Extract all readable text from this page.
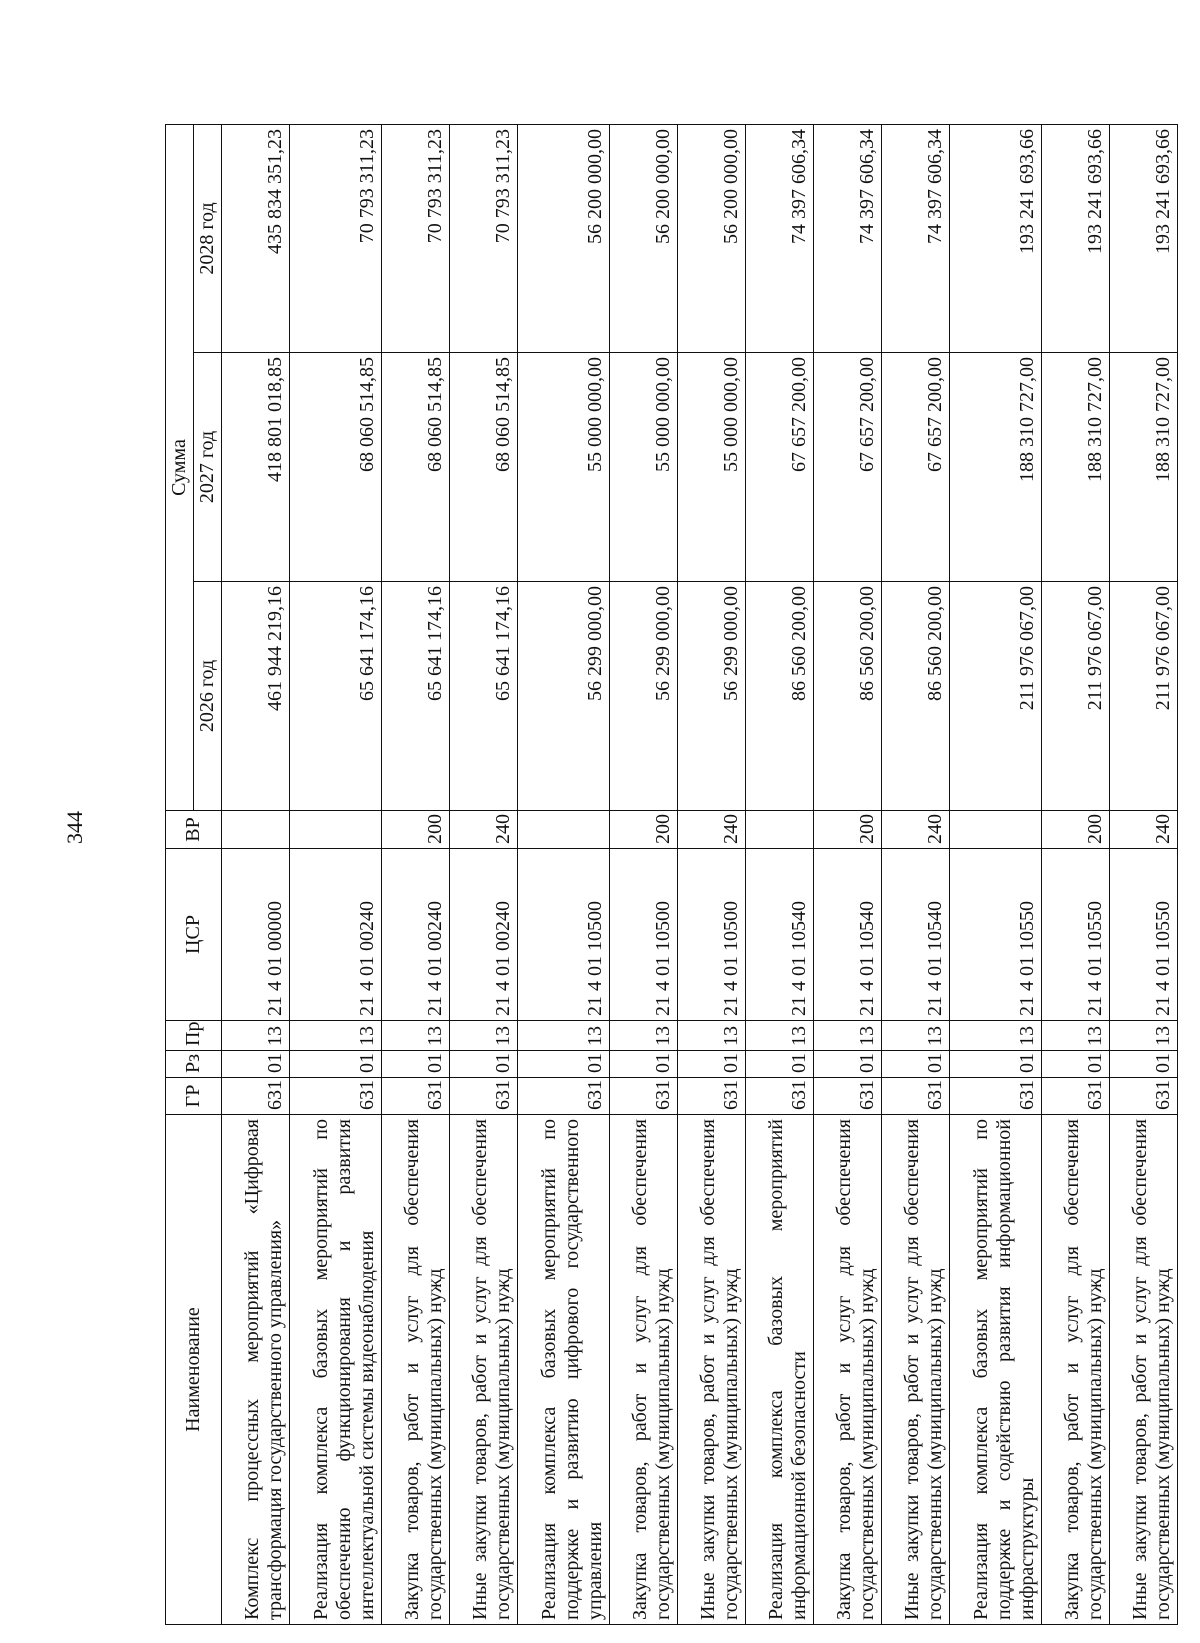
344
Наименование	ГР	Рз	Пр	ЦСР	ВР	Сумма		
						2026 год	2027 год	2028 год
Комплекс процессных мероприятий «Цифровая трансформация государственного управления»	631	01	13	21 4 01 00000		461 944 219,16	418 801 018,85	435 834 351,23
Реализация комплекса базовых мероприятий по обеспечению функционирования и развития интеллектуальной системы видеонаблюдения	631	01	13	21 4 01 00240		65 641 174,16	68 060 514,85	70 793 311,23
Закупка товаров, работ и услуг для обеспечения государственных (муниципальных) нужд	631	01	13	21 4 01 00240	200	65 641 174,16	68 060 514,85	70 793 311,23
Иные закупки товаров, работ и услуг для обеспечения государственных (муниципальных) нужд	631	01	13	21 4 01 00240	240	65 641 174,16	68 060 514,85	70 793 311,23
Реализация комплекса базовых мероприятий по поддержке и развитию цифрового государственного управления	631	01	13	21 4 01 10500		56 299 000,00	55 000 000,00	56 200 000,00
Закупка товаров, работ и услуг для обеспечения государственных (муниципальных) нужд	631	01	13	21 4 01 10500	200	56 299 000,00	55 000 000,00	56 200 000,00
Иные закупки товаров, работ и услуг для обеспечения государственных (муниципальных) нужд	631	01	13	21 4 01 10500	240	56 299 000,00	55 000 000,00	56 200 000,00
Реализация комплекса базовых мероприятий информационной безопасности	631	01	13	21 4 01 10540		86 560 200,00	67 657 200,00	74 397 606,34
Закупка товаров, работ и услуг для обеспечения государственных (муниципальных) нужд	631	01	13	21 4 01 10540	200	86 560 200,00	67 657 200,00	74 397 606,34
Иные закупки товаров, работ и услуг для обеспечения государственных (муниципальных) нужд	631	01	13	21 4 01 10540	240	86 560 200,00	67 657 200,00	74 397 606,34
Реализация комплекса базовых мероприятий по поддержке и содействию развития информационной инфраструктуры	631	01	13	21 4 01 10550		211 976 067,00	188 310 727,00	193 241 693,66
Закупка товаров, работ и услуг для обеспечения государственных (муниципальных) нужд	631	01	13	21 4 01 10550	200	211 976 067,00	188 310 727,00	193 241 693,66
Иные закупки товаров, работ и услуг для обеспечения государственных (муниципальных) нужд	631	01	13	21 4 01 10550	240	211 976 067,00	188 310 727,00	193 241 693,66
